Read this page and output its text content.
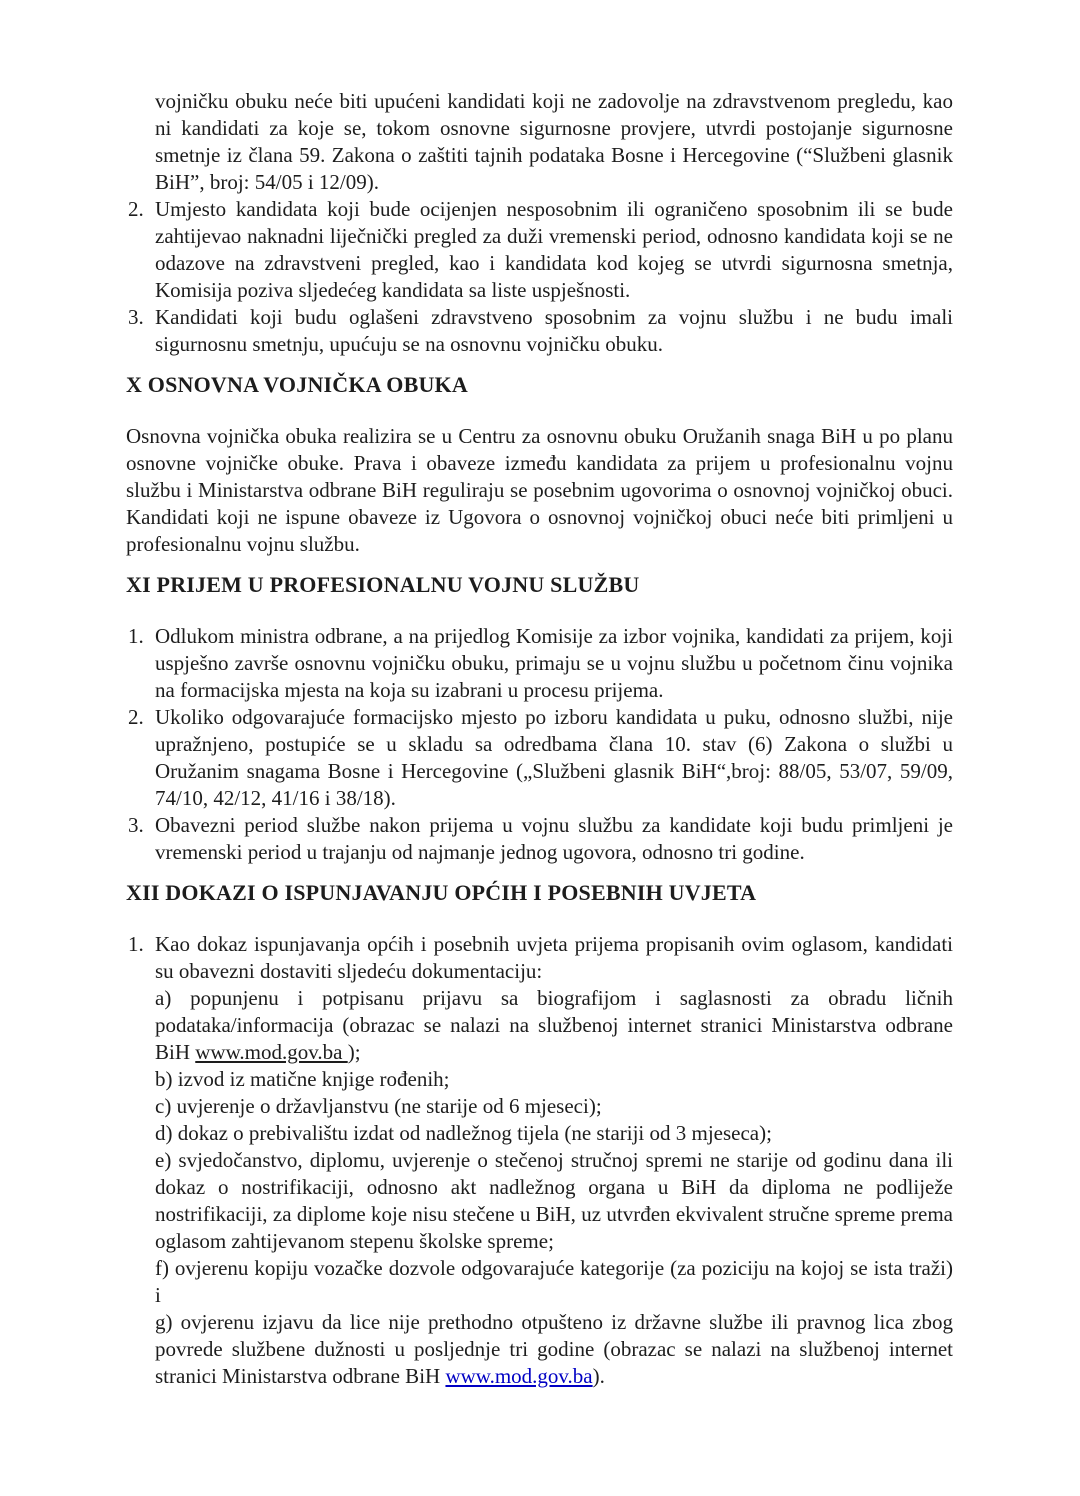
vojničku obuku neće biti upućeni kandidati koji ne zadovolje na zdravstvenom pregledu, kao ni kandidati za koje se, tokom osnovne sigurnosne provjere, utvrdi postojanje sigurnosne smetnje iz člana 59. Zakona o zaštiti tajnih podataka Bosne i Hercegovine (“Službeni glasnik BiH”, broj: 54/05 i 12/09).

2. Umjesto kandidata koji bude ocijenjen nesposobnim ili ograničeno sposobnim ili se bude zahtijevao naknadni liječnički pregled za duži vremenski period, odnosno kandidata koji se ne odazove na zdravstveni pregled, kao i kandidata kod kojeg se utvrdi sigurnosna smetnja, Komisija poziva sljedećeg kandidata sa liste uspješnosti.
3. Kandidati koji budu oglašeni zdravstveno sposobnim za vojnu službu i ne budu imali sigurnosnu smetnju, upućuju se na osnovnu vojničku obuku.
X OSNOVNA VOJNIČKA OBUKA

Osnovna vojnička obuka realizira se u Centru za osnovnu obuku Oružanih snaga BiH u po planu osnovne vojničke obuke. Prava i obaveze između kandidata za prijem u profesionalnu vojnu službu i Ministarstva odbrane BiH reguliraju se posebnim ugovorima o osnovnoj vojničkoj obuci. Kandidati koji ne ispune obaveze iz Ugovora o osnovnoj vojničkoj obuci neće biti primljeni u profesionalnu vojnu službu.

XI PRIJEM U PROFESIONALNU VOJNU SLUŽBU
1. Odlukom ministra odbrane, a na prijedlog Komisije za izbor vojnika, kandidati za prijem, koji uspješno završe osnovnu vojničku obuku, primaju se u vojnu službu u početnom činu vojnika na formacijska mjesta na koja su izabrani u procesu prijema.
2. Ukoliko odgovarajuće formacijsko mjesto po izboru kandidata u puku, odnosno službi, nije upražnjeno, postupiće se u skladu sa odredbama člana 10. stav (6) Zakona o službi u Oružanim snagama Bosne i Hercegovine („Službeni glasnik BiH“,broj: 88/05, 53/07, 59/09, 74/10, 42/12, 41/16 i 38/18).
3. Obavezni period službe nakon prijema u vojnu službu za kandidate koji budu primljeni je vremenski period u trajanju od najmanje jednog ugovora, odnosno tri godine.
XII DOKAZI O ISPUNJAVANJU OPĆIH I POSEBNIH UVJETA
1. Kao dokaz ispunjavanja općih i posebnih uvjeta prijema propisanih ovim oglasom, kandidati su obavezni dostaviti sljedeću dokumentaciju:

a) popunjenu i potpisanu prijavu sa biografijom i saglasnosti za obradu ličnih podataka/informacija (obrazac se nalazi na službenoj internet stranici Ministarstva odbrane BiH www.mod.gov.ba );

b) izvod iz matične knjige rođenih;

c) uvjerenje o državljanstvu (ne starije od 6 mjeseci);

d) dokaz o prebivalištu izdat od nadležnog tijela (ne stariji od 3 mjeseca);

e) svjedočanstvo, diplomu, uvjerenje o stečenoj stručnoj spremi ne starije od godinu dana ili dokaz o nostrifikaciji, odnosno akt nadležnog organa u BiH da diploma ne podliježe nostrifikaciji, za diplome koje nisu stečene u BiH, uz utvrđen ekvivalent stručne spreme prema oglasom zahtijevanom stepenu školske spreme;

f) ovjerenu kopiju vozačke dozvole odgovarajuće kategorije (za poziciju na kojoj se ista traži) i

g) ovjerenu izjavu da lice nije prethodno otpušteno iz državne službe ili pravnog lica zbog povrede službene dužnosti u posljednje tri godine (obrazac se nalazi na službenoj internet stranici Ministarstva odbrane BiH www.mod.gov.ba).
